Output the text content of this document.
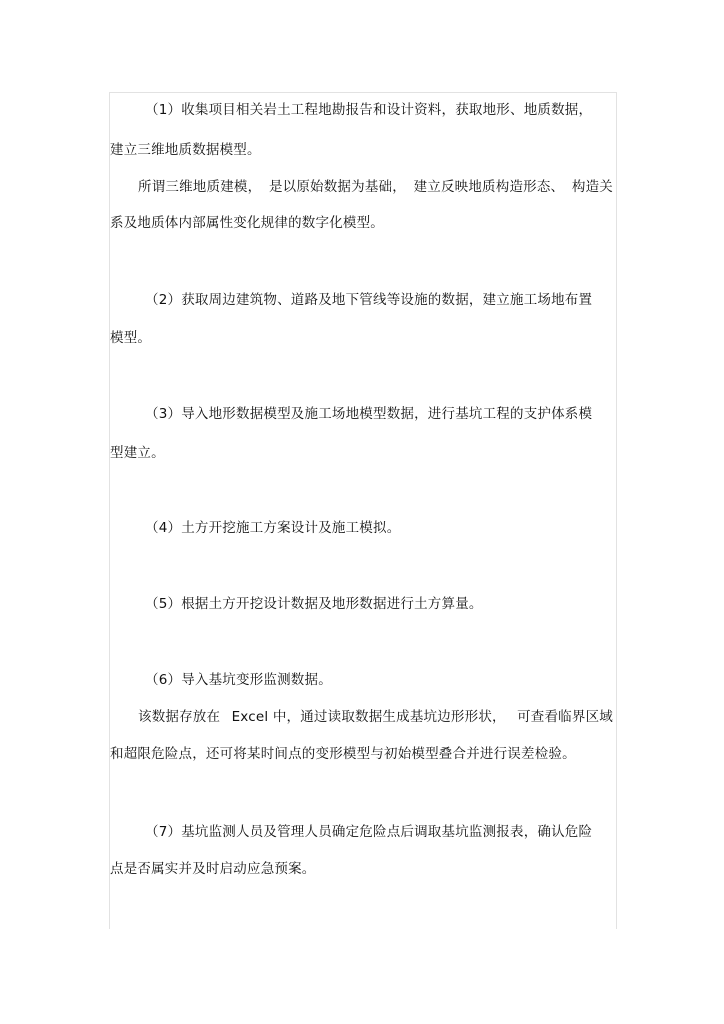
（1）收集项目相关岩土工程地勘报告和设计资料，获取地形、地质数据，
建立三维地质数据模型。
所谓三维地质建模， 是以原始数据为基础， 建立反映地质构造形态、 构造关
系及地质体内部属性变化规律的数字化模型。
（2）获取周边建筑物、道路及地下管线等设施的数据，建立施工场地布置
模型。
（3）导入地形数据模型及施工场地模型数据，进行基坑工程的支护体系模
型建立。
（4）土方开挖施工方案设计及施工模拟。
（5）根据土方开挖设计数据及地形数据进行土方算量。
（6）导入基坑变形监测数据。
该数据存放在 Excel 中，通过读取数据生成基坑边形形状， 可查看临界区域
和超限危险点，还可将某时间点的变形模型与初始模型叠合并进行误差检验。
（7）基坑监测人员及管理人员确定危险点后调取基坑监测报表，确认危险
点是否属实并及时启动应急预案。
